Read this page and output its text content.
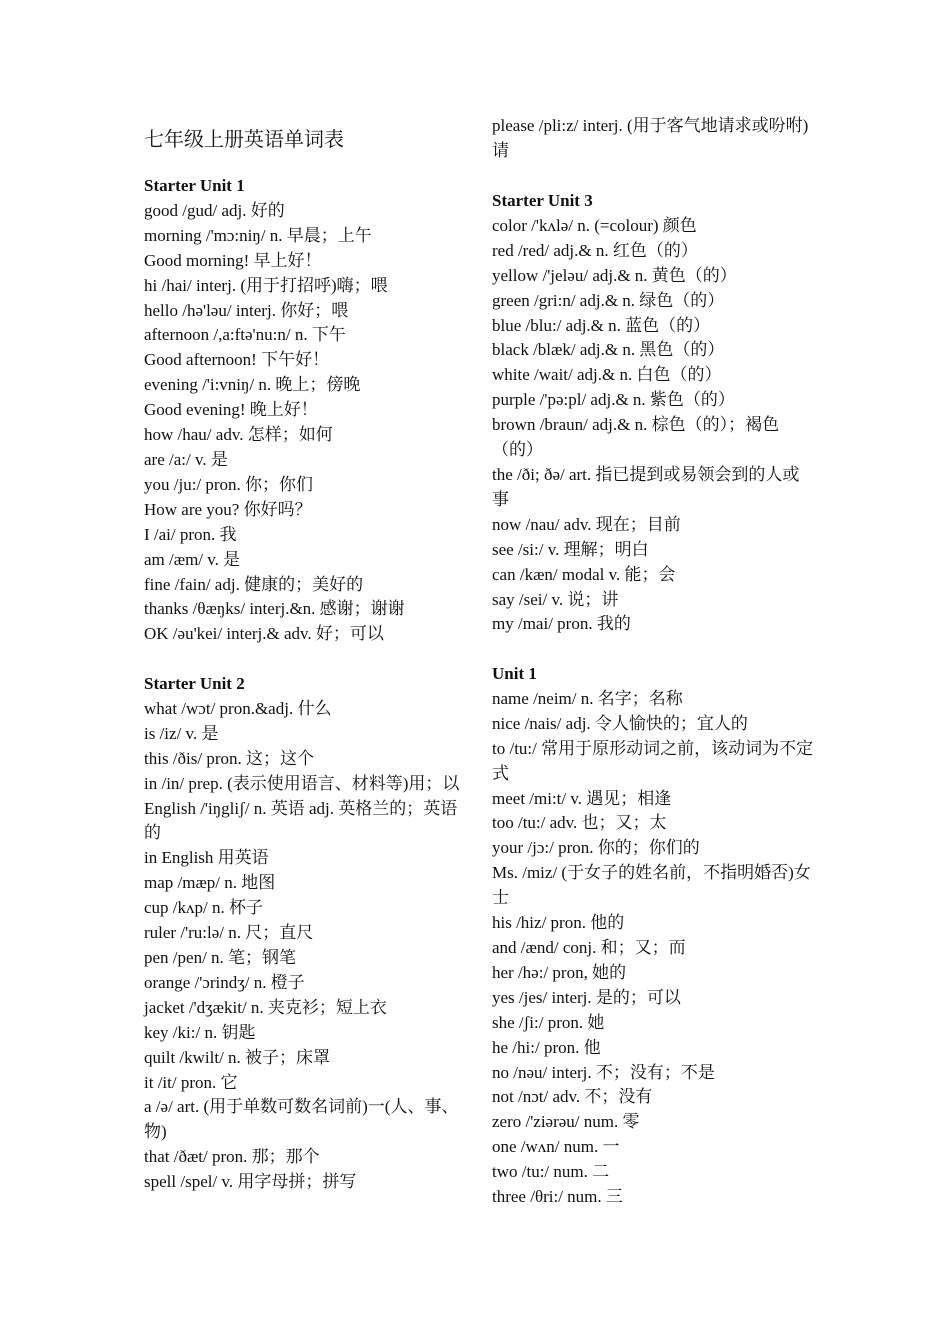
七年级上册英语单词表
Starter Unit 1
good /gud/ adj. 好的
morning /'mɔ:niŋ/ n. 早晨；上午
Good morning! 早上好！
hi /hai/ interj. (用于打招呼)嗨；喂
hello /hə'ləu/ interj. 你好；喂
afternoon /,a:ftə'nu:n/ n. 下午
Good afternoon! 下午好！
evening /'i:vniŋ/ n. 晚上；傍晚
Good evening! 晚上好！
how /hau/ adv. 怎样；如何
are /a:/ v. 是
you /ju:/ pron. 你；你们
How are you? 你好吗？
I /ai/ pron. 我
am /æm/ v. 是
fine /fain/ adj. 健康的；美好的
thanks /θæŋks/ interj.&n. 感谢；谢谢
OK /əu'kei/ interj.& adv. 好；可以
Starter Unit 2
what /wɔt/ pron.&adj. 什么
is /iz/ v. 是
this /ðis/ pron. 这；这个
in /in/ prep. (表示使用语言、材料等)用；以
English /'iŋgliʃ/ n. 英语 adj. 英格兰的；英语的
in English 用英语
map /mæp/ n. 地图
cup /kʌp/ n. 杯子
ruler /'ru:lə/ n. 尺；直尺
pen /pen/ n. 笔；钢笔
orange /'ɔrindʒ/ n. 橙子
jacket /'dʒækit/ n. 夹克衫；短上衣
key /ki:/ n. 钥匙
quilt /kwilt/ n. 被子；床罩
it /it/ pron. 它
a /ə/ art. (用于单数可数名词前)一(人、事、物)
that /ðæt/ pron. 那；那个
spell /spel/ v. 用字母拼；拼写
please /pli:z/ interj. (用于客气地请求或吩咐)请
Starter Unit 3
color /'kʌlə/ n. (=colour) 颜色
red /red/ adj.& n. 红色（的）
yellow /'jeləu/ adj.& n. 黄色（的）
green /gri:n/ adj.& n. 绿色（的）
blue /blu:/ adj.& n. 蓝色（的）
black /blæk/ adj.& n. 黑色（的）
white /wait/ adj.& n. 白色（的）
purple /'pə:pl/ adj.& n. 紫色（的）
brown /braun/ adj.& n. 棕色（的）；褐色（的）
the /ði; ðə/ art. 指已提到或易领会到的人或事
now /nau/ adv. 现在；目前
see /si:/ v. 理解；明白
can /kæn/ modal v. 能；会
say /sei/ v. 说；讲
my /mai/ pron. 我的
Unit 1
name /neim/ n. 名字；名称
nice /nais/ adj. 令人愉快的；宜人的
to /tu:/ 常用于原形动词之前，该动词为不定式
meet /mi:t/ v. 遇见；相逢
too /tu:/ adv. 也；又；太
your /jɔ:/ pron. 你的；你们的
Ms. /miz/ (于女子的姓名前，不指明婚否)女士
his /hiz/ pron. 他的
and /ænd/ conj. 和；又；而
her /hə:/ pron, 她的
yes /jes/ interj. 是的；可以
she /ʃi:/ pron. 她
he /hi:/ pron. 他
no /nəu/ interj. 不；没有；不是
not /nɔt/ adv. 不；没有
zero /'ziərəu/ num. 零
one /wʌn/ num. 一
two /tu:/ num. 二
three /θri:/ num. 三
